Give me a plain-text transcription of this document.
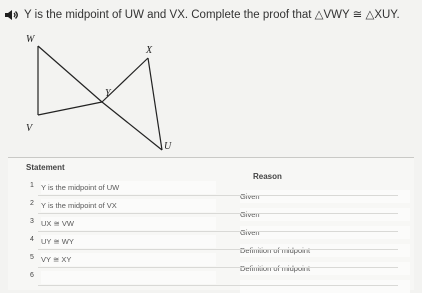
Y is the midpoint of UW and VX. Complete the proof that △VWY ≅ △XUY.
W
X
Y
V
U
Statement
Reason
1 Y is the midpoint of UW
Given
2 Y is the midpoint of VX
Given
3 UX ≅ VW
Given
4 UY ≅ WY
Definition of midpoint
5 VY ≅ XY
Definition of midpoint
6
